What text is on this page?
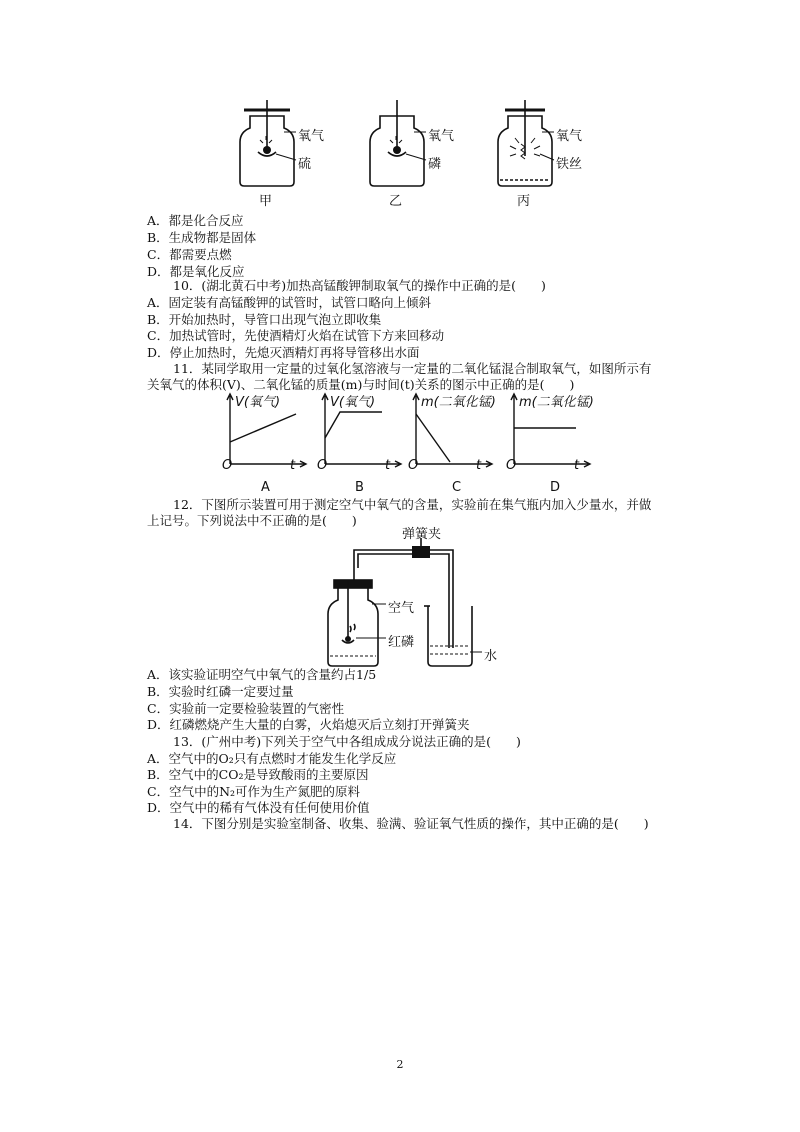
氧气
硫
氧气
磷
氧气
铁丝
甲	乙	丙
A．都是化合反应
B．生成物都是固体
C．都需要点燃
D．都是氧化反应
10．(湖北黄石中考)加热高锰酸钾制取氧气的操作中正确的是(　　)
A．固定装有高锰酸钾的试管时，试管口略向上倾斜
B．开始加热时，导管口出现气泡立即收集
C．加热试管时，先使酒精灯火焰在试管下方来回移动
D．停止加热时，先熄灭酒精灯再将导管移出水面
11．某同学取用一定量的过氧化氢溶液与一定量的二氧化锰混合制取氧气，如图所示有
关氧气的体积(V)、二氧化锰的质量(m)与时间(t)关系的图示中正确的是(　　)
V(氧气)	V(氧气)	m(二氧化锰) m(二氧化锰)
O	O	O	O
t	t	t	t
A	B	C	D
12．下图所示装置可用于测定空气中氧气的含量，实验前在集气瓶内加入少量水，并做
上记号。下列说法中不正确的是(　　)
弹簧夹
空气
红磷
水
A．该实验证明空气中氧气的含量约占1/5
B．实验时红磷一定要过量
C．实验前一定要检验装置的气密性
D．红磷燃烧产生大量的白雾，火焰熄灭后立刻打开弹簧夹
13．(广州中考)下列关于空气中各组成成分说法正确的是(　　)
A．空气中的O₂只有点燃时才能发生化学反应
B．空气中的CO₂是导致酸雨的主要原因
C．空气中的N₂可作为生产氮肥的原料
D．空气中的稀有气体没有任何使用价值
14．下图分别是实验室制备、收集、验满、验证氧气性质的操作，其中正确的是(　　)
2
